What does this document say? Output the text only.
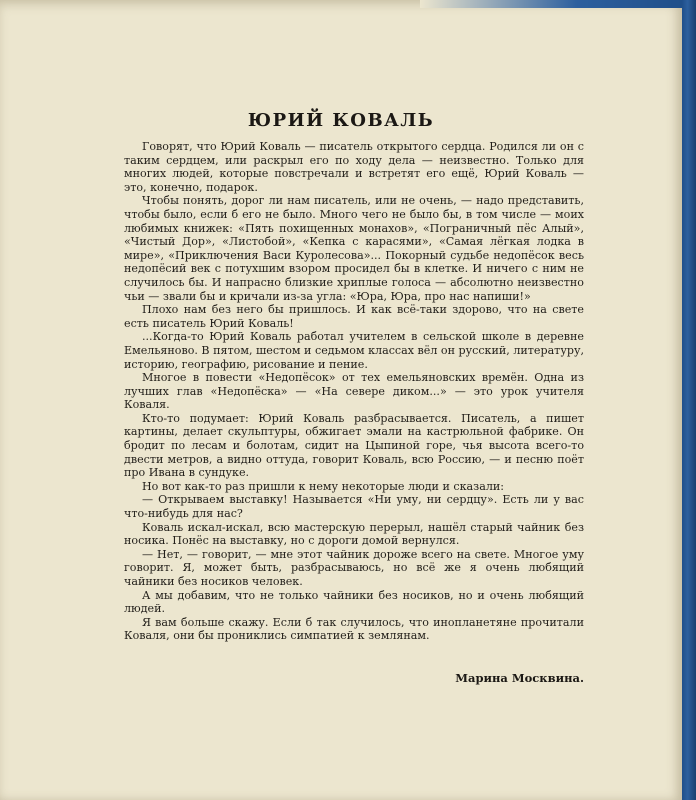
ЮРИЙ КОВАЛЬ

Говорят, что Юрий Коваль — писатель открытого сердца. Родился ли он с таким сердцем, или раскрыл его по ходу дела — неизвестно. Только для многих людей, которые повстречали и встретят его ещё, Юрий Коваль — это, конечно, подарок.

Чтобы понять, дорог ли нам писатель, или не очень, — надо представить, чтобы было, если б его не было. Много чего не было бы, в том числе — моих любимых книжек: «Пять похищенных монахов», «Пограничный пёс Алый», «Чистый Дор», «Листобой», «Кепка с карасями», «Самая лёгкая лодка в мире», «Приключения Васи Куролесова»... Покорный судьбе недопёсок весь недопёсий век с потухшим взором просидел бы в клетке. И ничего с ним не случилось бы. И напрасно близкие хриплые голоса — абсолютно неизвестно чьи — звали бы и кричали из-за угла: «Юра, Юра, про нас напиши!»

Плохо нам без него бы пришлось. И как всё-таки здорово, что на свете есть писатель Юрий Коваль!

...Когда-то Юрий Коваль работал учителем в сельской школе в деревне Емельяново. В пятом, шестом и седьмом классах вёл он русский, литературу, историю, географию, рисование и пение.

Многое в повести «Недопёсок» от тех емельяновских времён. Одна из лучших глав «Недопёска» — «На севере диком...» — это урок учителя Коваля.

Кто-то подумает: Юрий Коваль разбрасывается. Писатель, а пишет картины, делает скульптуры, обжигает эмали на кастрюльной фабрике. Он бродит по лесам и болотам, сидит на Цыпиной горе, чья высота всего-то двести метров, а видно оттуда, говорит Коваль, всю Россию, — и песню поёт про Ивана в сундуке.

Но вот как-то раз пришли к нему некоторые люди и сказали:

— Открываем выставку! Называется «Ни уму, ни сердцу». Есть ли у вас что-нибудь для нас?

Коваль искал-искал, всю мастерскую перерыл, нашёл старый чайник без носика. Понёс на выставку, но с дороги домой вернулся.

— Нет, — говорит, — мне этот чайник дороже всего на свете. Многое уму говорит. Я, может быть, разбрасываюсь, но всё же я очень любящий чайники без носиков человек.

А мы добавим, что не только чайники без носиков, но и очень любящий людей.

Я вам больше скажу. Если б так случилось, что инопланетяне прочитали Коваля, они бы прониклись симпатией к землянам.

Марина Москвина.
